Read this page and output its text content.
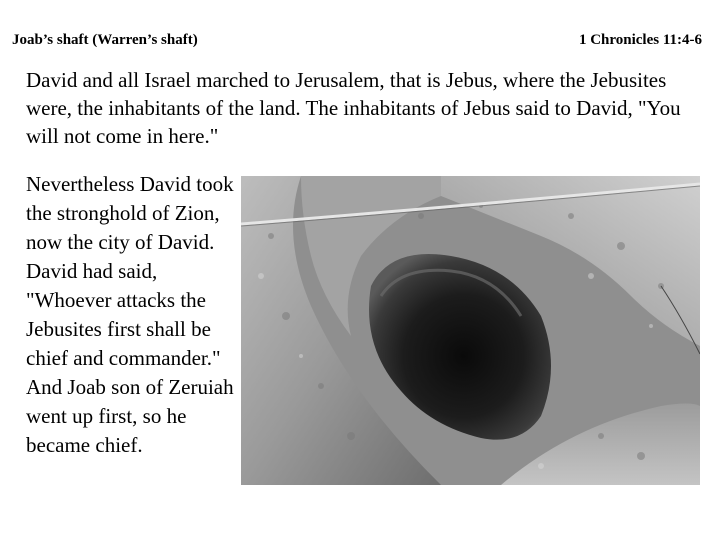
Joab’s shaft (Warren’s shaft)	1 Chronicles 11:4-6

David and all Israel marched to Jerusalem, that is Jebus, where the Jebusites were, the inhabitants of the land. The inhabitants of Jebus said to David, "You will not come in here."

Nevertheless David took the stronghold of Zion, now the city of David. David had said, "Whoever attacks the Jebusites first shall be chief and commander." And Joab son of Zeruiah went up first, so he became chief.
